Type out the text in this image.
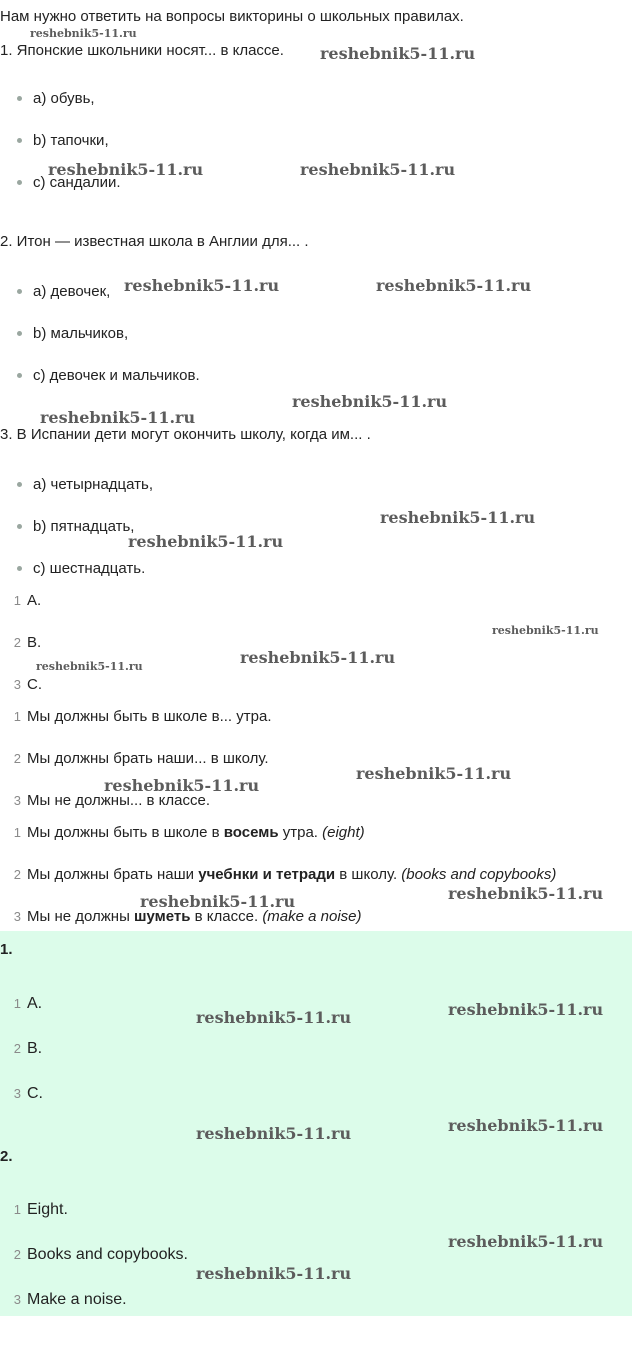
Нам нужно ответить на вопросы викторины о школьных правилах.
1. Японские школьники носят... в классе.
a) обувь,
b) тапочки,
c) сандалии.
2. Итон — известная школа в Англии для... .
a) девочек,
b) мальчиков,
c) девочек и мальчиков.
3. В Испании дети могут окончить школу, когда им... .
a) четырнадцать,
b) пятнадцать,
c) шестнадцать.
1 A.
2 B.
3 C.
1 Мы должны быть в школе в... утра.
2 Мы должны брать наши... в школу.
3 Мы не должны... в классе.
1 Мы должны быть в школе в восемь утра. (eight)
2 Мы должны брать наши учебнки и тетради в школу. (books and copybooks)
3 Мы не должны шуметь в классе. (make a noise)
1.
1 A.
2 B.
3 C.
2.
1 Eight.
2 Books and copybooks.
3 Make a noise.
reshebnik5-11.ru
reshebnik5-11.ru
reshebnik5-11.ru	reshebnik5-11.ru
reshebnik5-11.ru	reshebnik5-11.ru
reshebnik5-11.ru
reshebnik5-11.ru
reshebnik5-11.ru
reshebnik5-11.ru
reshebnik5-11.ru
reshebnik5-11.ru
reshebnik5-11.ru
reshebnik5-11.ru
reshebnik5-11.ru
reshebnik5-11.ru
reshebnik5-11.ru
reshebnik5-11.ru
reshebnik5-11.ru
reshebnik5-11.ru
reshebnik5-11.ru
reshebnik5-11.ru
reshebnik5-11.ru
